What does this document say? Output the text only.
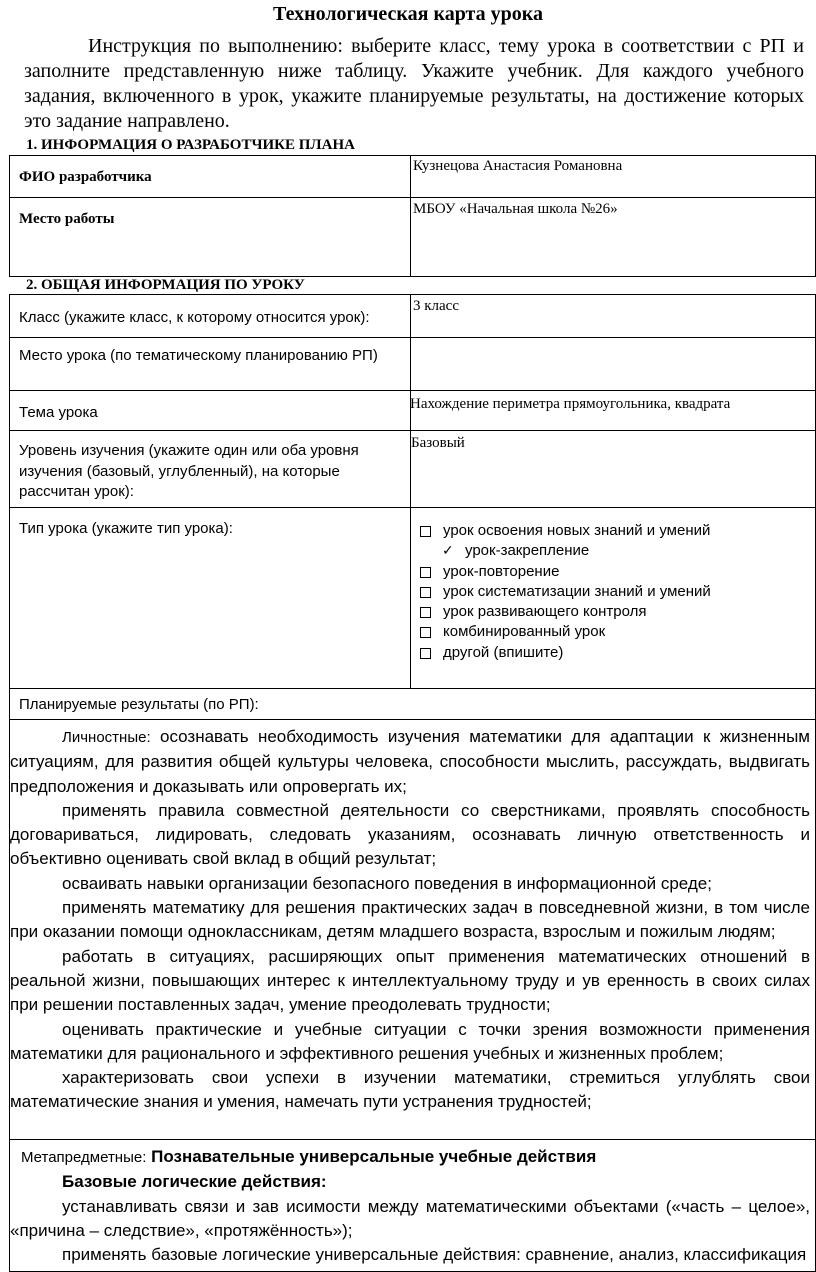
Технологическая карта урока
Инструкция по выполнению: выберите класс, тему урока в соответствии с РП и заполните представленную ниже таблицу. Укажите учебник. Для каждого учебного задания, включенного в урок, укажите планируемые результаты, на достижение которых это задание направлено.
1. ИНФОРМАЦИЯ О РАЗРАБОТЧИКЕ ПЛАНА
ФИО разработчика
Кузнецова Анастасия Романовна
Место работы
МБОУ «Начальная школа №26»
2. ОБЩАЯ ИНФОРМАЦИЯ ПО УРОКУ
Класс (укажите класс, к которому относится урок):
3 класс
Место урока (по тематическому планированию РП)
Тема урока	Нахождение периметра прямоугольника, квадрата
Уровень изучения (укажите один или оба уровня изучения (базовый, углубленный), на которые рассчитан урок):
Базовый
Тип урока (укажите тип урока):	урок освоения новых знаний и умений
✓ урок-закрепление
урок-повторение
урок систематизации знаний и умений
урок развивающего контроля
комбинированный урок
другой (впишите)
Планируемые результаты (по РП):
Личностные: осознавать необходимость изучения математики для адаптации к жизненным ситуациям, для развития общей культуры человека, способности мыслить, рассуждать, выдвигать предположения и доказывать или опровергать их;
применять правила совместной деятельности со сверстниками, проявлять способность договариваться, лидировать, следовать указаниям, осознавать личную ответственность и объективно оценивать свой вклад в общий результат;
осваивать навыки организации безопасного поведения в информационной среде;
применять математику для решения практических задач в повседневной жизни, в том числе при оказании помощи одноклассникам, детям младшего возраста, взрослым и пожилым людям;
работать в ситуациях, расширяющих опыт применения математических отношений в реальной жизни, повышающих интерес к интеллектуальному труду и ув еренность в своих силах при решении поставленных задач, умение преодолевать трудности;
оценивать практические и учебные ситуации с точки зрения возможности применения математики для рационального и эффективного решения учебных и жизненных проблем;
характеризовать свои успехи в изучении математики, стремиться углублять свои математические знания и умения, намечать пути устранения трудностей;
Метапредметные: Познавательные универсальные учебные действия
Базовые логические действия:
устанавливать связи и зав исимости между математическими объектами («часть – целое», «причина – следствие», «протяжённость»);
применять базовые логические универсальные действия: сравнение, анализ, классификация
